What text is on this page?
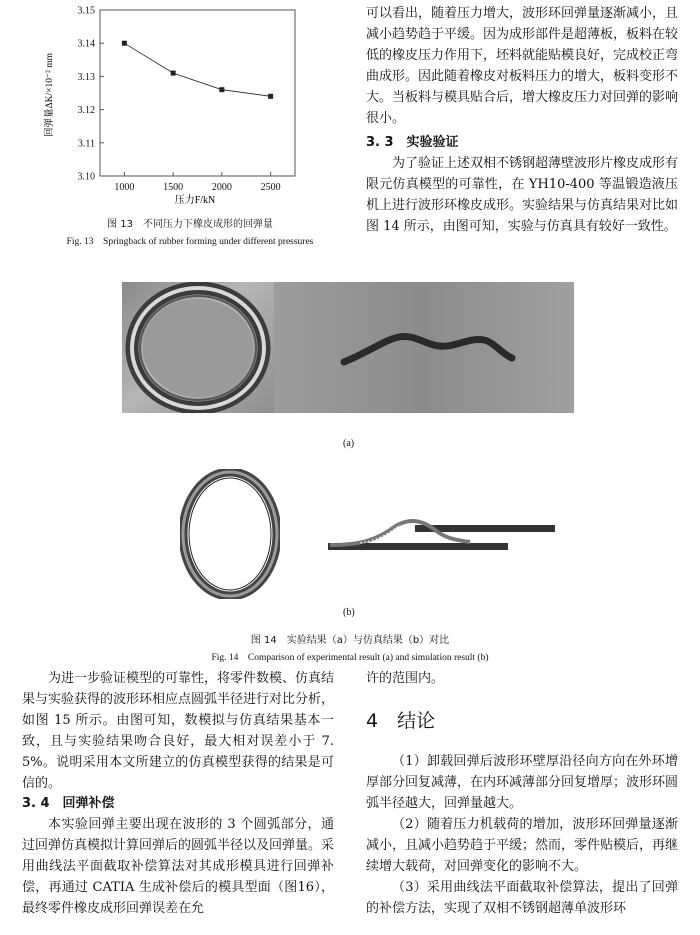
1000	1500	2000	2500
3.10
3.11
3.12
3.13
3.14
3.15
压力F/kN
回弹量ΔK/×10⁻² mm
图 13　不同压力下橡皮成形的回弹量
Fig. 13　Springback of rubber forming under different pressures

可以看出，随着压力增大，波形环回弹量逐渐减小，且减小趋势趋于平缓。因为成形部件是超薄板，板料在较低的橡皮压力作用下，坯料就能贴模良好，完成校正弯曲成形。因此随着橡皮对板料压力的增大，板料变形不大。当板料与模具贴合后，增大橡皮压力对回弹的影响很小。

3. 3　实验验证

为了验证上述双相不锈钢超薄壁波形片橡皮成形有限元仿真模型的可靠性，在 YH10-400 等温锻造液压机上进行波形环橡皮成形。实验结果与仿真结果对比如图 14 所示，由图可知，实验与仿真具有较好一致性。

(a)
(b)
图 14　实验结果（a）与仿真结果（b）对比
Fig. 14　Comparison of experimental result (a) and simulation result (b)

为进一步验证模型的可靠性，将零件数模、仿真结果与实验获得的波形环相应点圆弧半径进行对比分析，如图 15 所示。由图可知，数模拟与仿真结果基本一致，且与实验结果吻合良好，最大相对误差小于 7. 5%。说明采用本文所建立的仿真模型获得的结果是可信的。

3. 4　回弹补偿

本实验回弹主要出现在波形的 3 个圆弧部分，通过回弹仿真模拟计算回弹后的圆弧半径以及回弹量。采用曲线法平面截取补偿算法对其成形模具进行回弹补偿，再通过 CATIA 生成补偿后的模具型面（图16），最终零件橡皮成形回弹误差在允

许的范围内。

4　结论

（1）卸载回弹后波形环壁厚沿径向方向在外环增厚部分回复减薄，在内环减薄部分回复增厚；波形环圆弧半径越大，回弹量越大。

（2）随着压力机载荷的增加，波形环回弹量逐渐减小，且减小趋势趋于平缓；然而，零件贴模后，再继续增大载荷，对回弹变化的影响不大。

（3）采用曲线法平面截取补偿算法，提出了回弹的补偿方法，实现了双相不锈钢超薄单波形环
